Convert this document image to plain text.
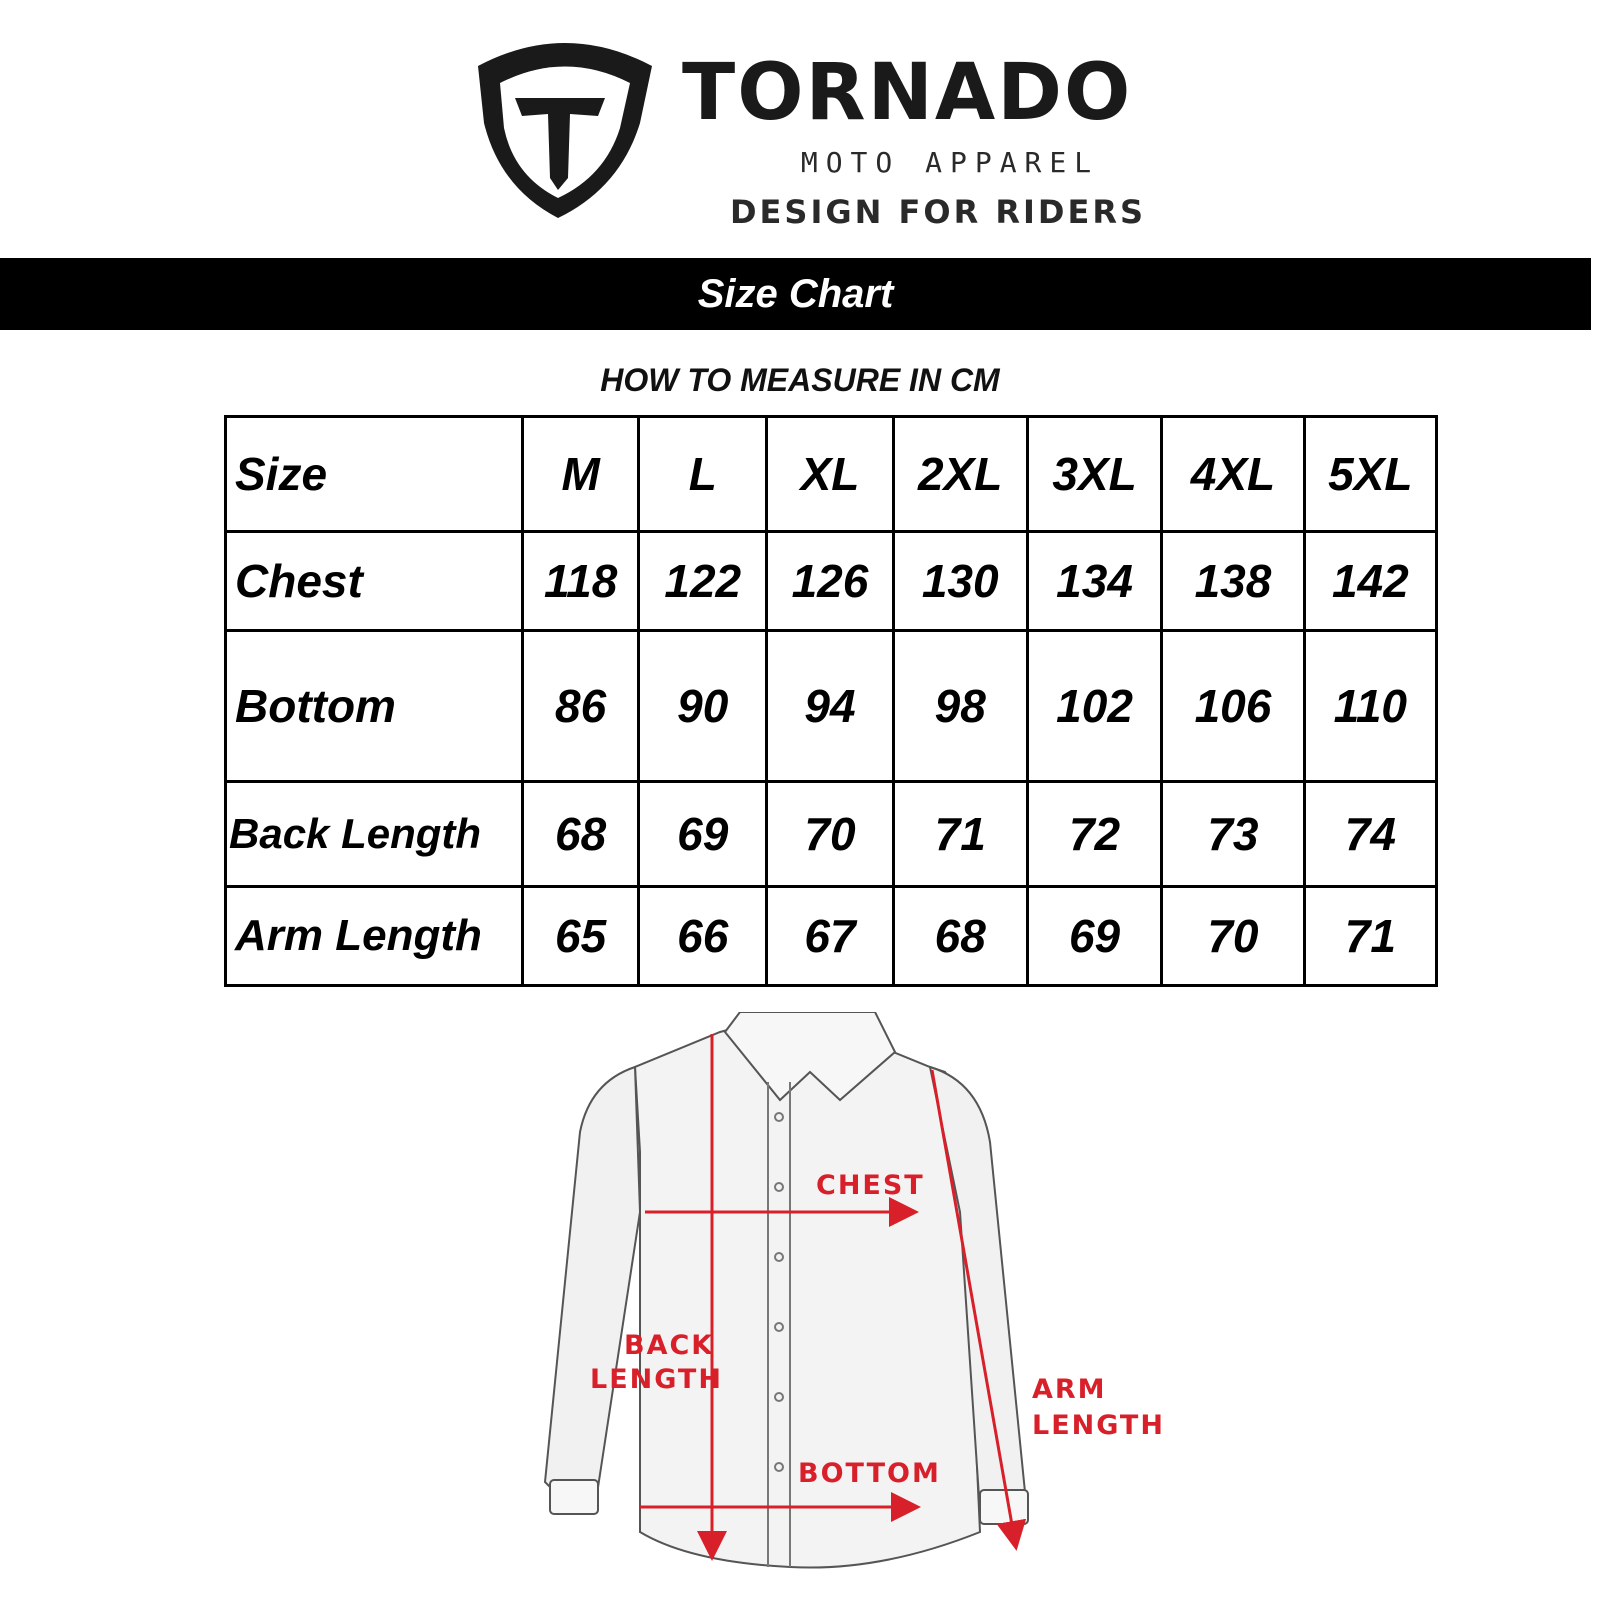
TORNADO
MOTO APPAREL
DESIGN FOR RIDERS
Size Chart
HOW TO MEASURE IN CM
Size	M	L	XL	2XL	3XL	4XL	5XL
Chest	118	122	126	130	134	138	142
Bottom	86	90	94	98	102	106	110
Back Length	68	69	70	71	72	73	74
Arm Length	65	66	67	68	69	70	71
CHEST
BACK
LENGTH	ARM
LENGTH
BOTTOM
